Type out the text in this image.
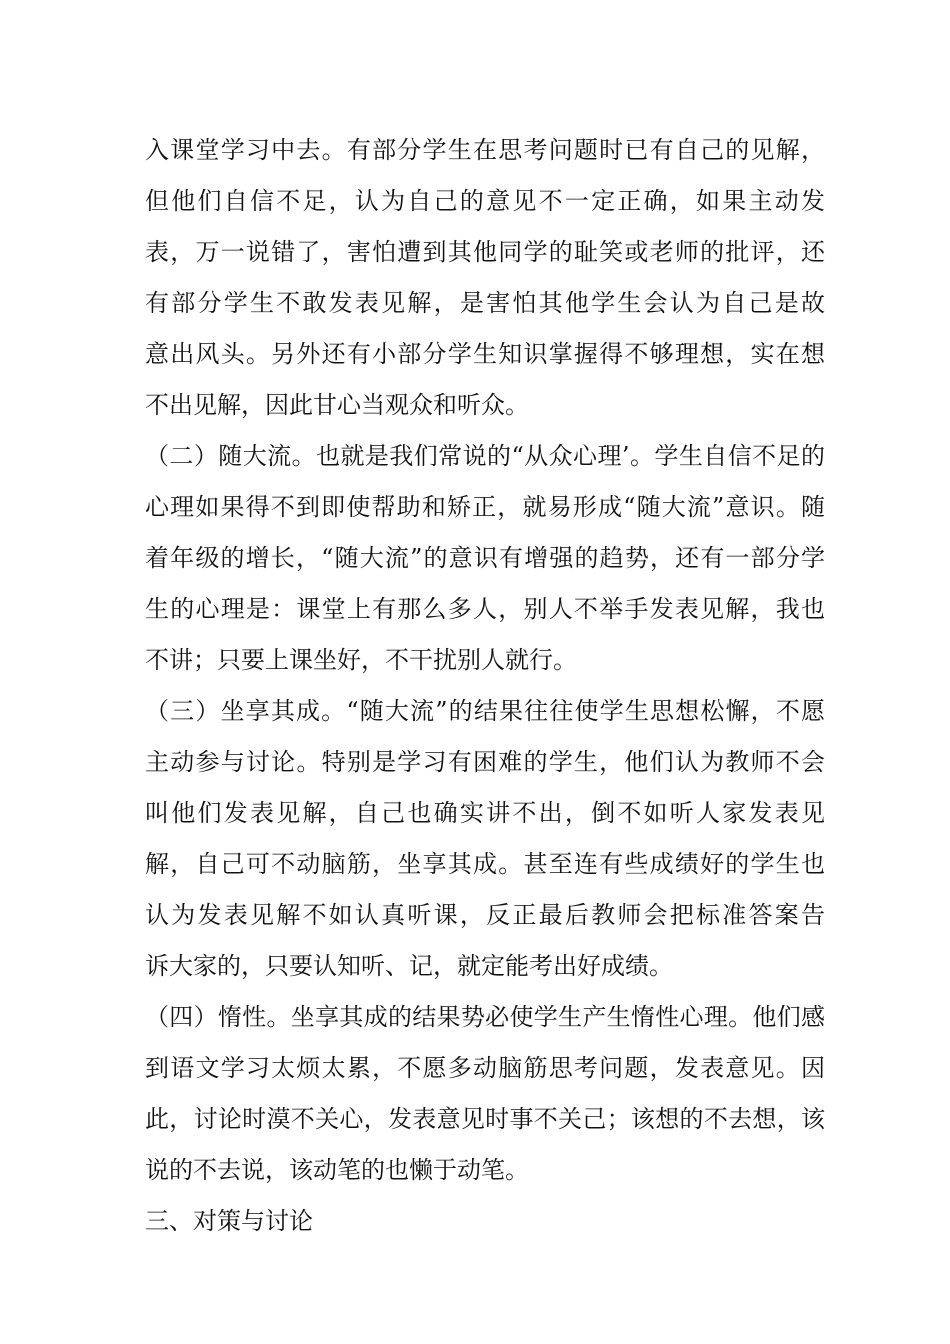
入课堂学习中去。有部分学生在思考问题时已有自己的见解，
但他们自信不足，认为自己的意见不一定正确，如果主动发
表，万一说错了，害怕遭到其他同学的耻笑或老师的批评，还
有部分学生不敢发表见解，是害怕其他学生会认为自己是故
意出风头。另外还有小部分学生知识掌握得不够理想，实在想
不出见解，因此甘心当观众和听众。
（二）随大流。也就是我们常说的“从众心理’。学生自信不足的
心理如果得不到即使帮助和矫正，就易形成“随大流”意识。随
着年级的增长，“随大流”的意识有增强的趋势，还有一部分学
生的心理是：课堂上有那么多人，别人不举手发表见解，我也
不讲；只要上课坐好，不干扰别人就行。
（三）坐享其成。“随大流”的结果往往使学生思想松懈，不愿
主动参与讨论。特别是学习有困难的学生，他们认为教师不会
叫他们发表见解，自己也确实讲不出，倒不如听人家发表见
解，自己可不动脑筋，坐享其成。甚至连有些成绩好的学生也
认为发表见解不如认真听课，反正最后教师会把标准答案告
诉大家的，只要认知听、记，就定能考出好成绩。
（四）惰性。坐享其成的结果势必使学生产生惰性心理。他们感
到语文学习太烦太累，不愿多动脑筋思考问题，发表意见。因
此，讨论时漠不关心，发表意见时事不关己；该想的不去想，该
说的不去说，该动笔的也懒于动笔。
三、对策与讨论
